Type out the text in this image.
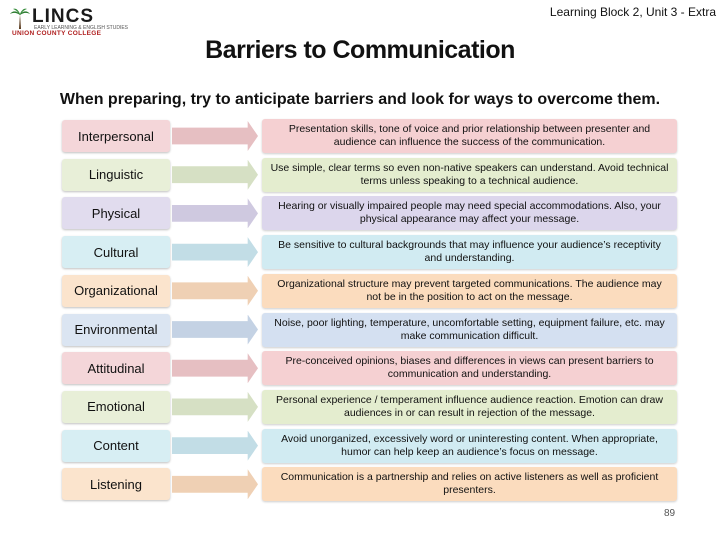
LINCS
EARLY LEARNING & ENGLISH STUDIES
UNION COUNTY COLLEGE
Learning Block 2, Unit 3 - Extra
Barriers to Communication
When preparing, try to anticipate barriers and look for ways to overcome them.
Interpersonal	Presentation skills, tone of voice and prior relationship between presenter and audience can influence the success of the communication.
Linguistic	Use simple, clear terms so even non-native speakers can understand. Avoid technical terms unless speaking to a technical audience.
Physical	Hearing or visually impaired people may need special accommodations. Also, your physical appearance may affect your message.
Cultural	Be sensitive to cultural backgrounds that may influence your audience’s receptivity and understanding.
Organizational	Organizational structure may prevent targeted communications. The audience may not be in the position to act on the message.
Environmental	Noise, poor lighting, temperature, uncomfortable setting, equipment failure, etc. may make communication difficult.
Attitudinal	Pre-conceived opinions, biases and differences in views can present barriers to communication and understanding.
Emotional	Personal experience / temperament influence audience reaction. Emotion can draw audiences in or can result in rejection of the message.
Content	Avoid unorganized, excessively word or uninteresting content. When appropriate, humor can help keep an audience’s focus on message.
Listening	Communication is a partnership and relies on active listeners as well as proficient presenters.
89
